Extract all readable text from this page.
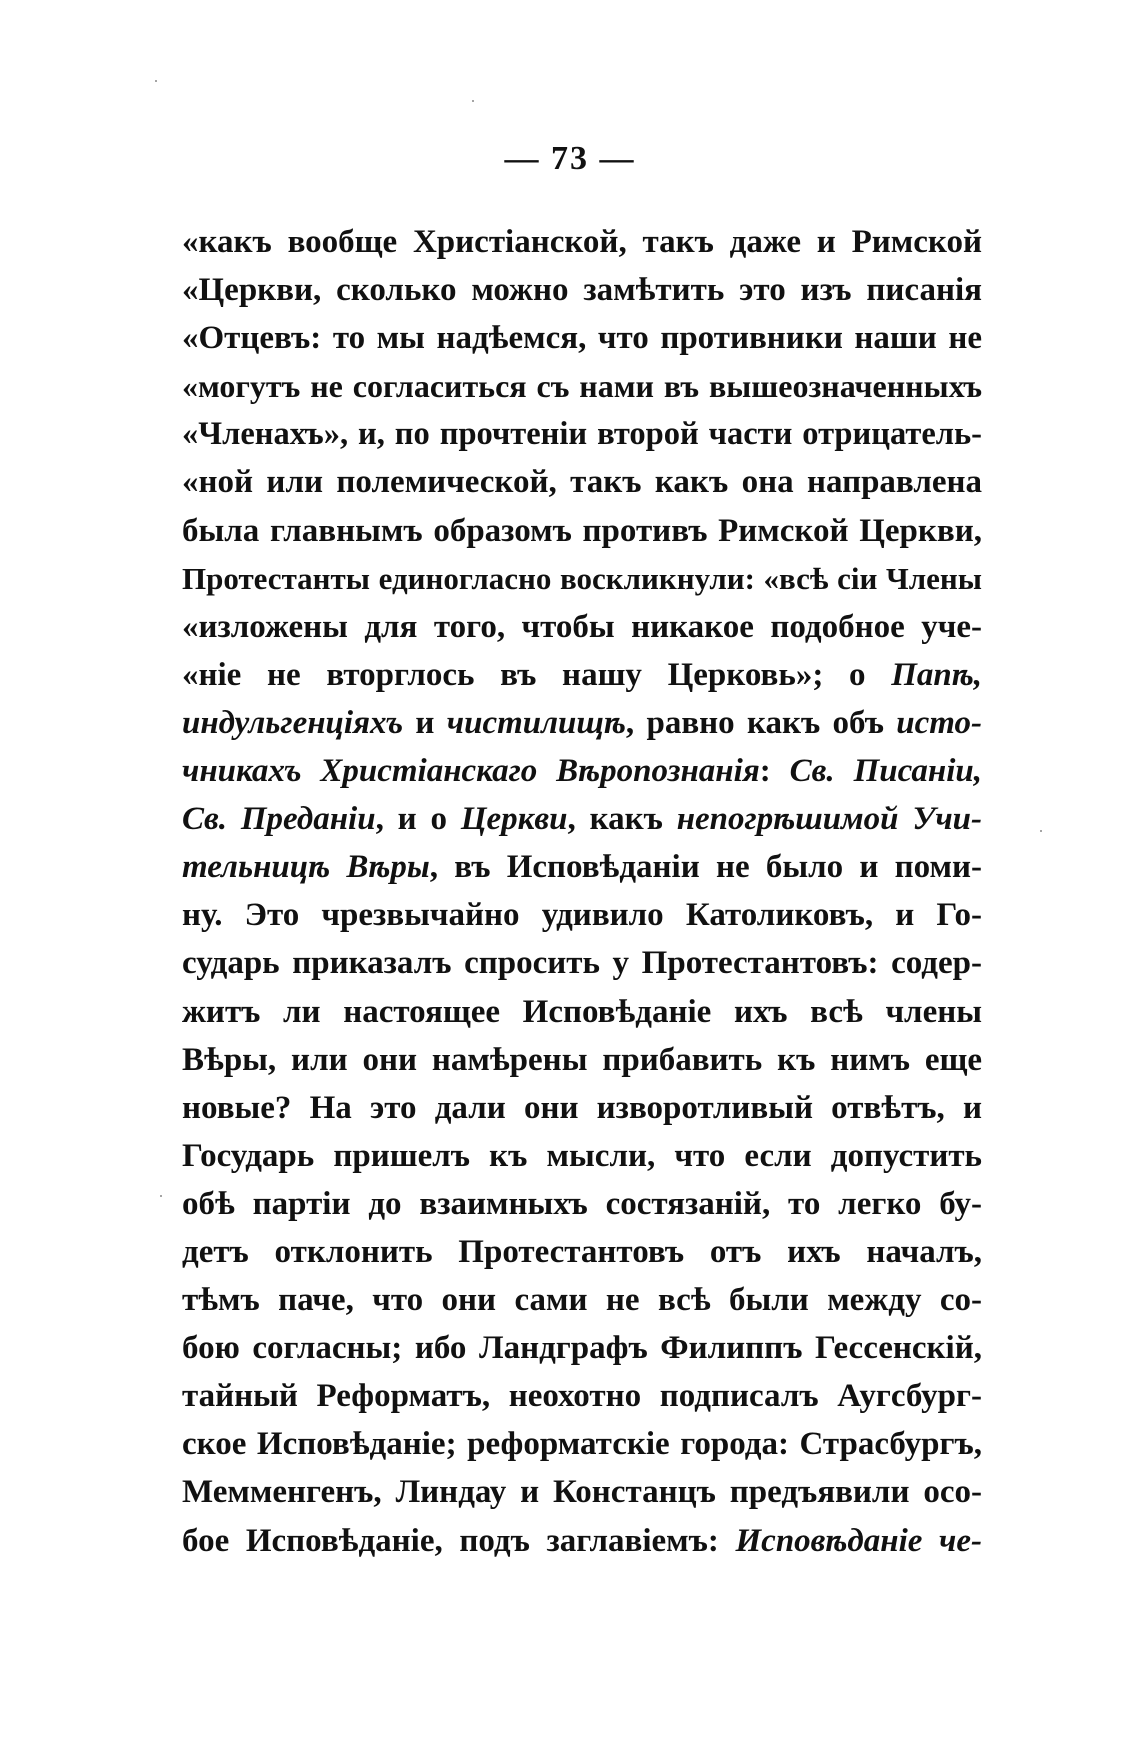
— 73 —
«какъ вообще Христіанской, такъ даже и Римской
«Церкви, сколько можно замѣтить это изъ писанія
«Отцевъ: то мы надѣемся, что противники наши не
«могутъ не согласиться съ нами въ вышеозначенныхъ
«Членахъ», и, по прочтеніи второй части отрицатель-
«ной или полемической, такъ какъ она направлена
была главнымъ образомъ противъ Римской Церкви,
Протестанты единогласно воскликнули: «всѣ сіи Члены
«изложены для того, чтобы никакое подобное уче-
«ніе не вторглось въ нашу Церковь»; о Папѣ,
индульгенціяхъ и чистилищѣ, равно какъ объ исто-
чникахъ Христіанскаго Вѣропознанія: Св. Писаніи,
Св. Преданіи, и о Церкви, какъ непогрѣшимой Учи-
тельницѣ Вѣры, въ Исповѣданіи не было и поми-
ну. Это чрезвычайно удивило Католиковъ, и Го-
сударь приказалъ спросить у Протестантовъ: содер-
житъ ли настоящее Исповѣданіе ихъ всѣ члены
Вѣры, или они намѣрены прибавить къ нимъ еще
новые? На это дали они изворотливый отвѣтъ, и
Государь пришелъ къ мысли, что если допустить
обѣ партіи до взаимныхъ состязаній, то легко бу-
детъ отклонить Протестантовъ отъ ихъ началъ,
тѣмъ паче, что они сами не всѣ были между со-
бою согласны; ибо Ландграфъ Филиппъ Гессенскій,
тайный Реформатъ, неохотно подписалъ Аугсбург-
ское Исповѣданіе; реформатскіе города: Страсбургъ,
Мемменгенъ, Линдау и Констанцъ предъявили осо-
бое Исповѣданіе, подъ заглавіемъ: Исповѣданіе че-
